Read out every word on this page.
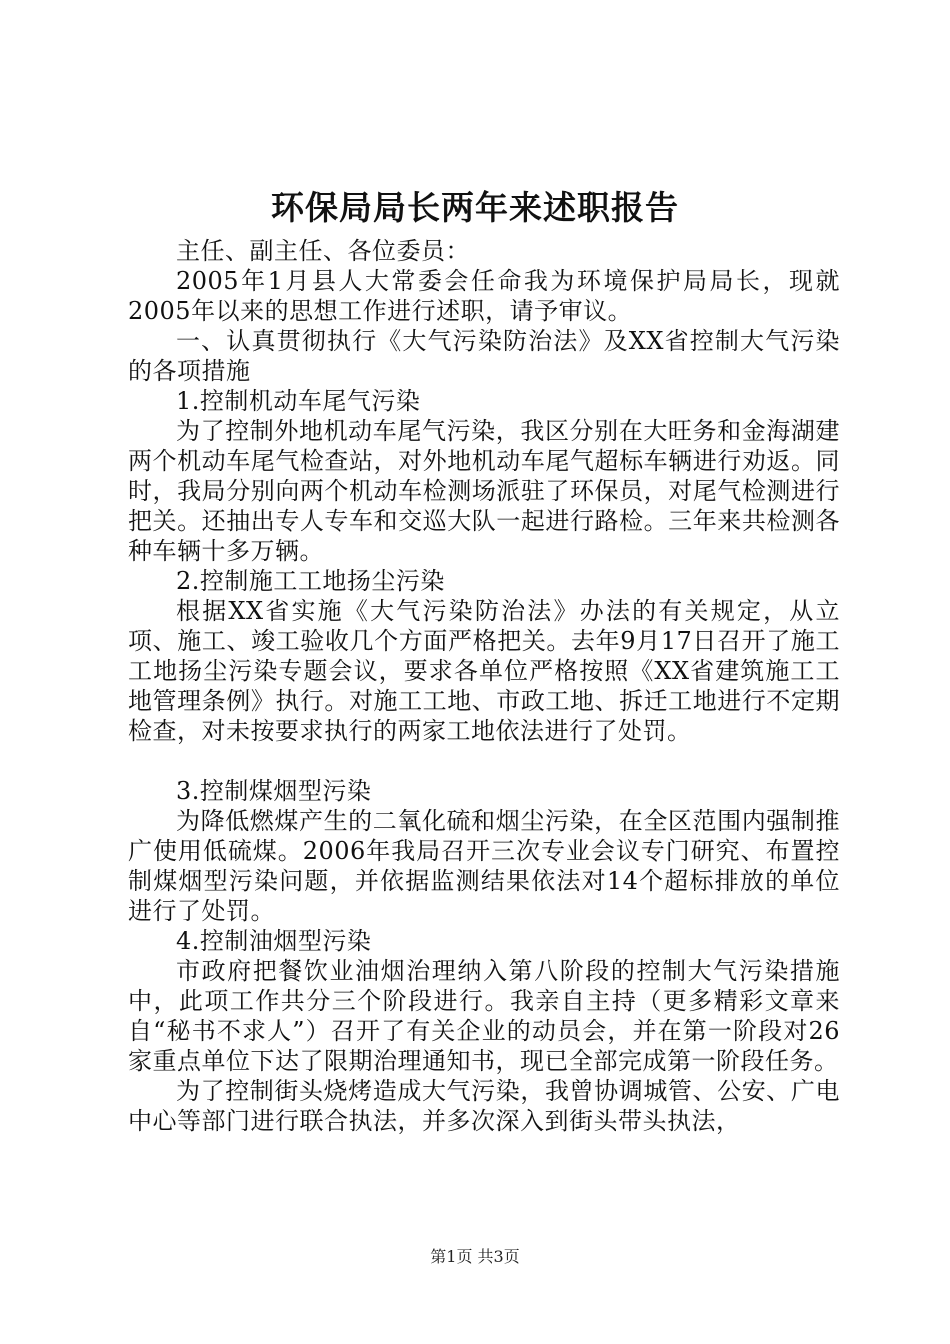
环保局局长两年来述职报告

主任、副主任、各位委员：

2005年1月县人大常委会任命我为环境保护局局长，现就2005年以来的思想工作进行述职，请予审议。

一、认真贯彻执行《大气污染防治法》及XX省控制大气污染的各项措施

1.控制机动车尾气污染

为了控制外地机动车尾气污染，我区分别在大旺务和金海湖建两个机动车尾气检查站，对外地机动车尾气超标车辆进行劝返。同时，我局分别向两个机动车检测场派驻了环保员，对尾气检测进行把关。还抽出专人专车和交巡大队一起进行路检。三年来共检测各种车辆十多万辆。

2.控制施工工地扬尘污染

根据XX省实施《大气污染防治法》办法的有关规定，从立项、施工、竣工验收几个方面严格把关。去年9月17日召开了施工工地扬尘污染专题会议，要求各单位严格按照《XX省建筑施工工地管理条例》执行。对施工工地、市政工地、拆迁工地进行不定期检查，对未按要求执行的两家工地依法进行了处罚。

3.控制煤烟型污染

为降低燃煤产生的二氧化硫和烟尘污染，在全区范围内强制推广使用低硫煤。2006年我局召开三次专业会议专门研究、布置控制煤烟型污染问题，并依据监测结果依法对14个超标排放的单位进行了处罚。

4.控制油烟型污染

市政府把餐饮业油烟治理纳入第八阶段的控制大气污染措施中，此项工作共分三个阶段进行。我亲自主持（更多精彩文章来自“秘书不求人”）召开了有关企业的动员会，并在第一阶段对26家重点单位下达了限期治理通知书，现已全部完成第一阶段任务。

为了控制街头烧烤造成大气污染，我曾协调城管、公安、广电中心等部门进行联合执法，并多次深入到街头带头执法，

第1页 共3页
